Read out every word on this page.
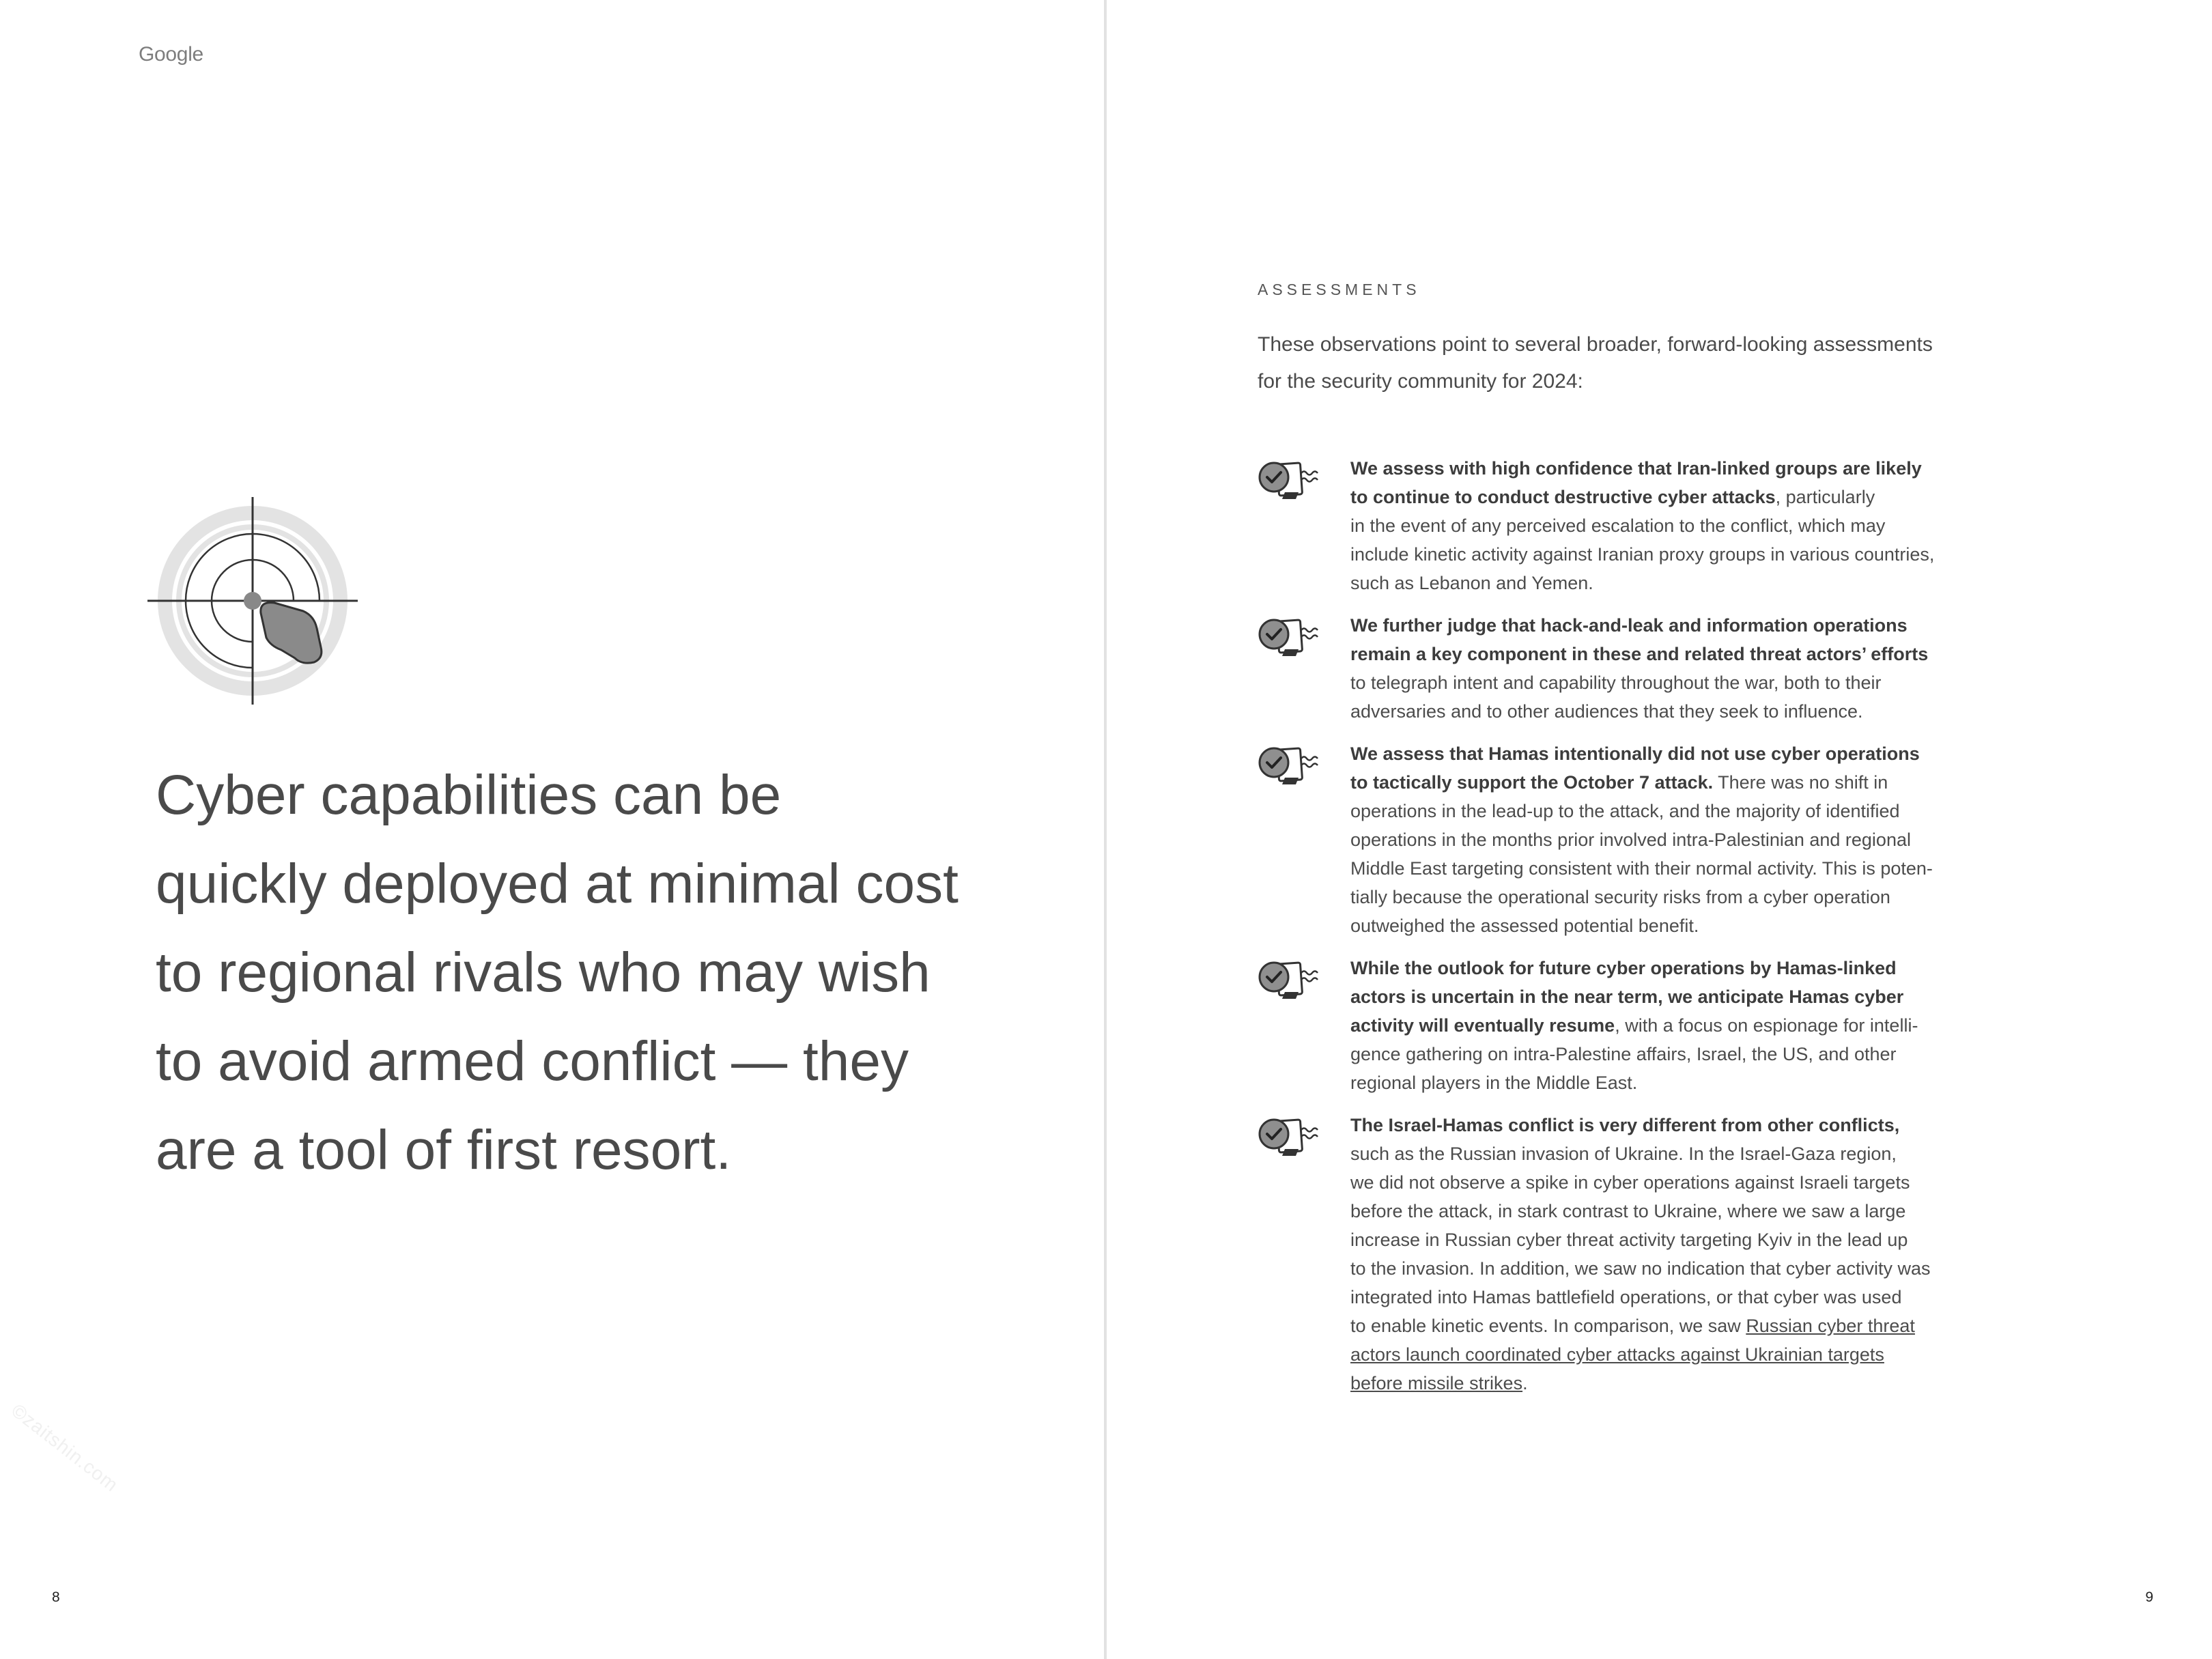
Google
Cyber capabilities can be
quickly deployed at minimal cost
to regional rivals who may wish
to avoid armed conflict — they
are a tool of first resort.
©zaitshin.com
8	9
ASSESSMENTS

These observations point to several broader, forward-looking assessments
for the security community for 2024:

We assess with high confidence that Iran-linked groups are likely
to continue to conduct destructive cyber attacks, particularly
in the event of any perceived escalation to the conflict, which may
include kinetic activity against Iranian proxy groups in various countries,
such as Lebanon and Yemen.

We further judge that hack-and-leak and information operations
remain a key component in these and related threat actors’ efforts
to telegraph intent and capability throughout the war, both to their
adversaries and to other audiences that they seek to influence.

We assess that Hamas intentionally did not use cyber operations
to tactically support the October 7 attack. There was no shift in
operations in the lead-up to the attack, and the majority of identified
operations in the months prior involved intra-Palestinian and regional
Middle East targeting consistent with their normal activity. This is poten-
tially because the operational security risks from a cyber operation
outweighed the assessed potential benefit.

While the outlook for future cyber operations by Hamas-linked
actors is uncertain in the near term, we anticipate Hamas cyber
activity will eventually resume, with a focus on espionage for intelli-
gence gathering on intra-Palestine affairs, Israel, the US, and other
regional players in the Middle East.

The Israel-Hamas conflict is very different from other conflicts,
such as the Russian invasion of Ukraine. In the Israel-Gaza region,
we did not observe a spike in cyber operations against Israeli targets
before the attack, in stark contrast to Ukraine, where we saw a large
increase in Russian cyber threat activity targeting Kyiv in the lead up
to the invasion. In addition, we saw no indication that cyber activity was
integrated into Hamas battlefield operations, or that cyber was used
to enable kinetic events. In comparison, we saw Russian cyber threat
actors launch coordinated cyber attacks against Ukrainian targets
before missile strikes.
